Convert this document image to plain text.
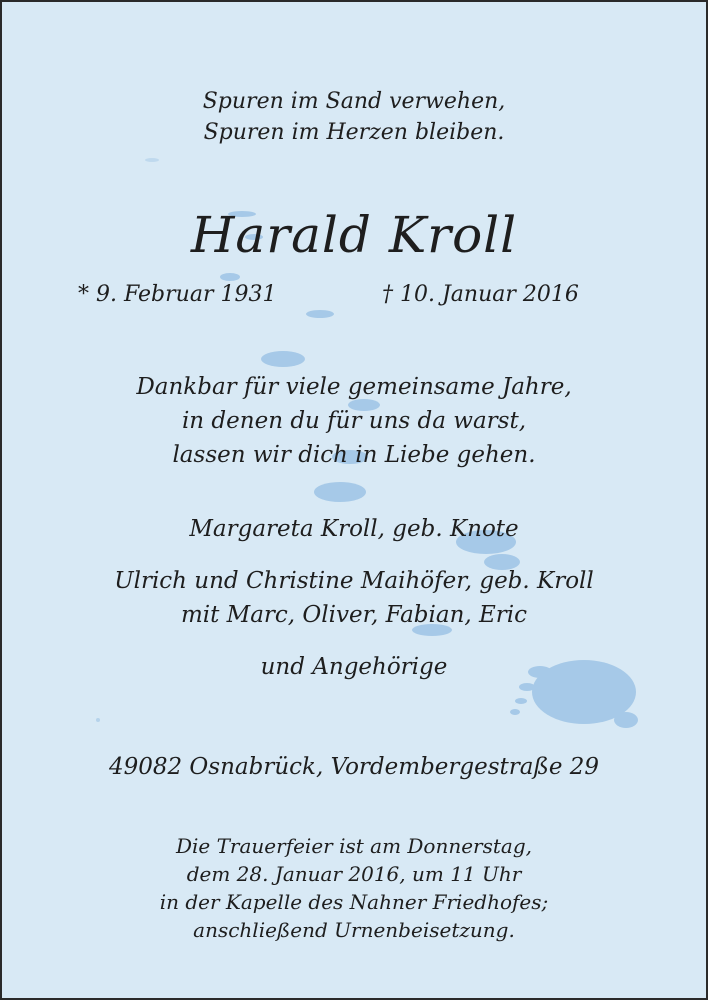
Spuren im Sand verwehen,
Spuren im Herzen bleiben.
Harald Kroll
* 9. Februar 1931	† 10. Januar 2016
Dankbar für viele gemeinsame Jahre,
in denen du für uns da warst,
lassen wir dich in Liebe gehen.
Margareta Kroll, geb. Knote
Ulrich und Christine Maihöfer, geb. Kroll
mit Marc, Oliver, Fabian, Eric
und Angehörige
49082 Osnabrück, Vordembergestraße 29
Die Trauerfeier ist am Donnerstag,
dem 28. Januar 2016, um 11 Uhr
in der Kapelle des Nahner Friedhofes;
anschließend Urnenbeisetzung.
